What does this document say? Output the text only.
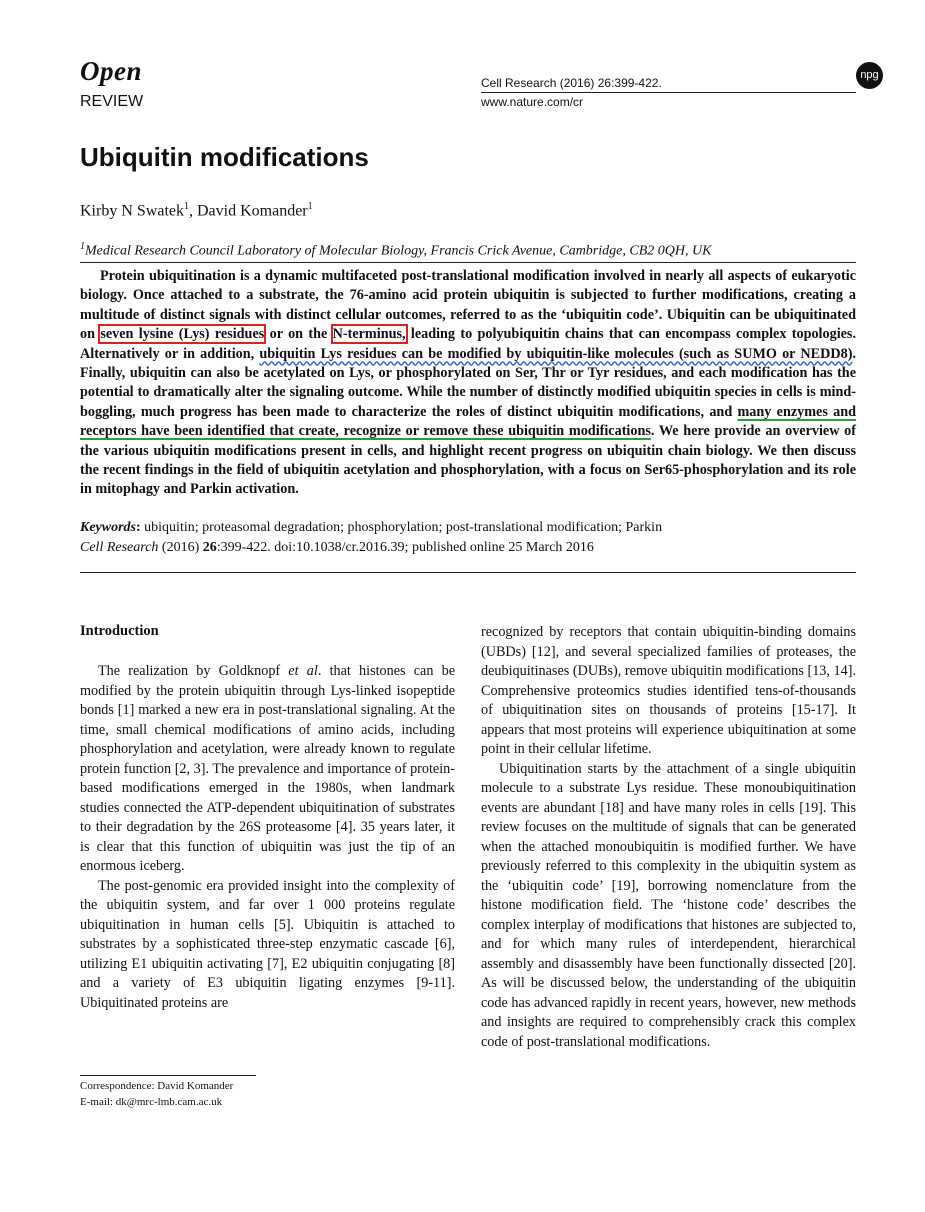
Open
REVIEW
Cell Research (2016) 26:399-422.
www.nature.com/cr
npg
Ubiquitin modifications
Kirby N Swatek$^1$, David Komander$^1$
$^1$Medical Research Council Laboratory of Molecular Biology, Francis Crick Avenue, Cambridge, CB2 0QH, UK
Protein ubiquitination is a dynamic multifaceted post-translational modification involved in nearly all aspects of eukaryotic biology. Once attached to a substrate, the 76-amino acid protein ubiquitin is subjected to further modifications, creating a multitude of distinct signals with distinct cellular outcomes, referred to as the ‘ubiquitin code’. Ubiquitin can be ubiquitinated on seven lysine (Lys) residues or on the N-terminus, leading to polyubiquitin chains that can encompass complex topologies. Alternatively or in addition, ubiquitin Lys residues can be modified by ubiquitin-like molecules (such as SUMO or NEDD8). Finally, ubiquitin can also be acetylated on Lys, or phosphorylated on Ser, Thr or Tyr residues, and each modification has the potential to dramatically alter the signaling outcome. While the number of distinctly modified ubiquitin species in cells is mind-boggling, much progress has been made to characterize the roles of distinct ubiquitin modifications, and many enzymes and receptors have been identified that create, recognize or remove these ubiquitin modifications. We here provide an overview of the various ubiquitin modifications present in cells, and highlight recent progress on ubiquitin chain biology. We then discuss the recent findings in the field of ubiquitin acetylation and phosphorylation, with a focus on Ser65-phosphorylation and its role in mitophagy and Parkin activation.
Keywords: ubiquitin; proteasomal degradation; phosphorylation; post-translational modification; Parkin
Cell Research (2016) 26:399-422. doi:10.1038/cr.2016.39; published online 25 March 2016
Introduction

The realization by Goldknopf et al. that histones can be modified by the protein ubiquitin through Lys-linked isopeptide bonds [1] marked a new era in post-translational signaling. At the time, small chemical modifications of amino acids, including phosphorylation and acetylation, were already known to regulate protein function [2, 3]. The prevalence and importance of protein-based modifications emerged in the 1980s, when landmark studies connected the ATP-dependent ubiquitination of substrates to their degradation by the 26S proteasome [4]. 35 years later, it is clear that this function of ubiquitin was just the tip of an enormous iceberg.

The post-genomic era provided insight into the complexity of the ubiquitin system, and far over 1 000 proteins regulate ubiquitination in human cells [5]. Ubiquitin is attached to substrates by a sophisticated three-step enzymatic cascade [6], utilizing E1 ubiquitin activating [7], E2 ubiquitin conjugating [8] and a variety of E3 ubiquitin ligating enzymes [9-11]. Ubiquitinated proteins are

recognized by receptors that contain ubiquitin-binding domains (UBDs) [12], and several specialized families of proteases, the deubiquitinases (DUBs), remove ubiquitin modifications [13, 14]. Comprehensive proteomics studies identified tens-of-thousands of ubiquitination sites on thousands of proteins [15-17]. It appears that most proteins will experience ubiquitination at some point in their cellular lifetime.

Ubiquitination starts by the attachment of a single ubiquitin molecule to a substrate Lys residue. These monoubiquitination events are abundant [18] and have many roles in cells [19]. This review focuses on the multitude of signals that can be generated when the attached monoubiquitin is modified further. We have previously referred to this complexity in the ubiquitin system as the ‘ubiquitin code’ [19], borrowing nomenclature from the histone modification field. The ‘histone code’ describes the complex interplay of modifications that histones are subjected to, and for which many rules of interdependent, hierarchical assembly and disassembly have been functionally dissected [20]. As will be discussed below, the understanding of the ubiquitin code has advanced rapidly in recent years, however, new methods and insights are required to comprehensibly crack this complex code of post-translational modifications.

Correspondence: David Komander
E-mail: dk@mrc-lmb.cam.ac.uk
